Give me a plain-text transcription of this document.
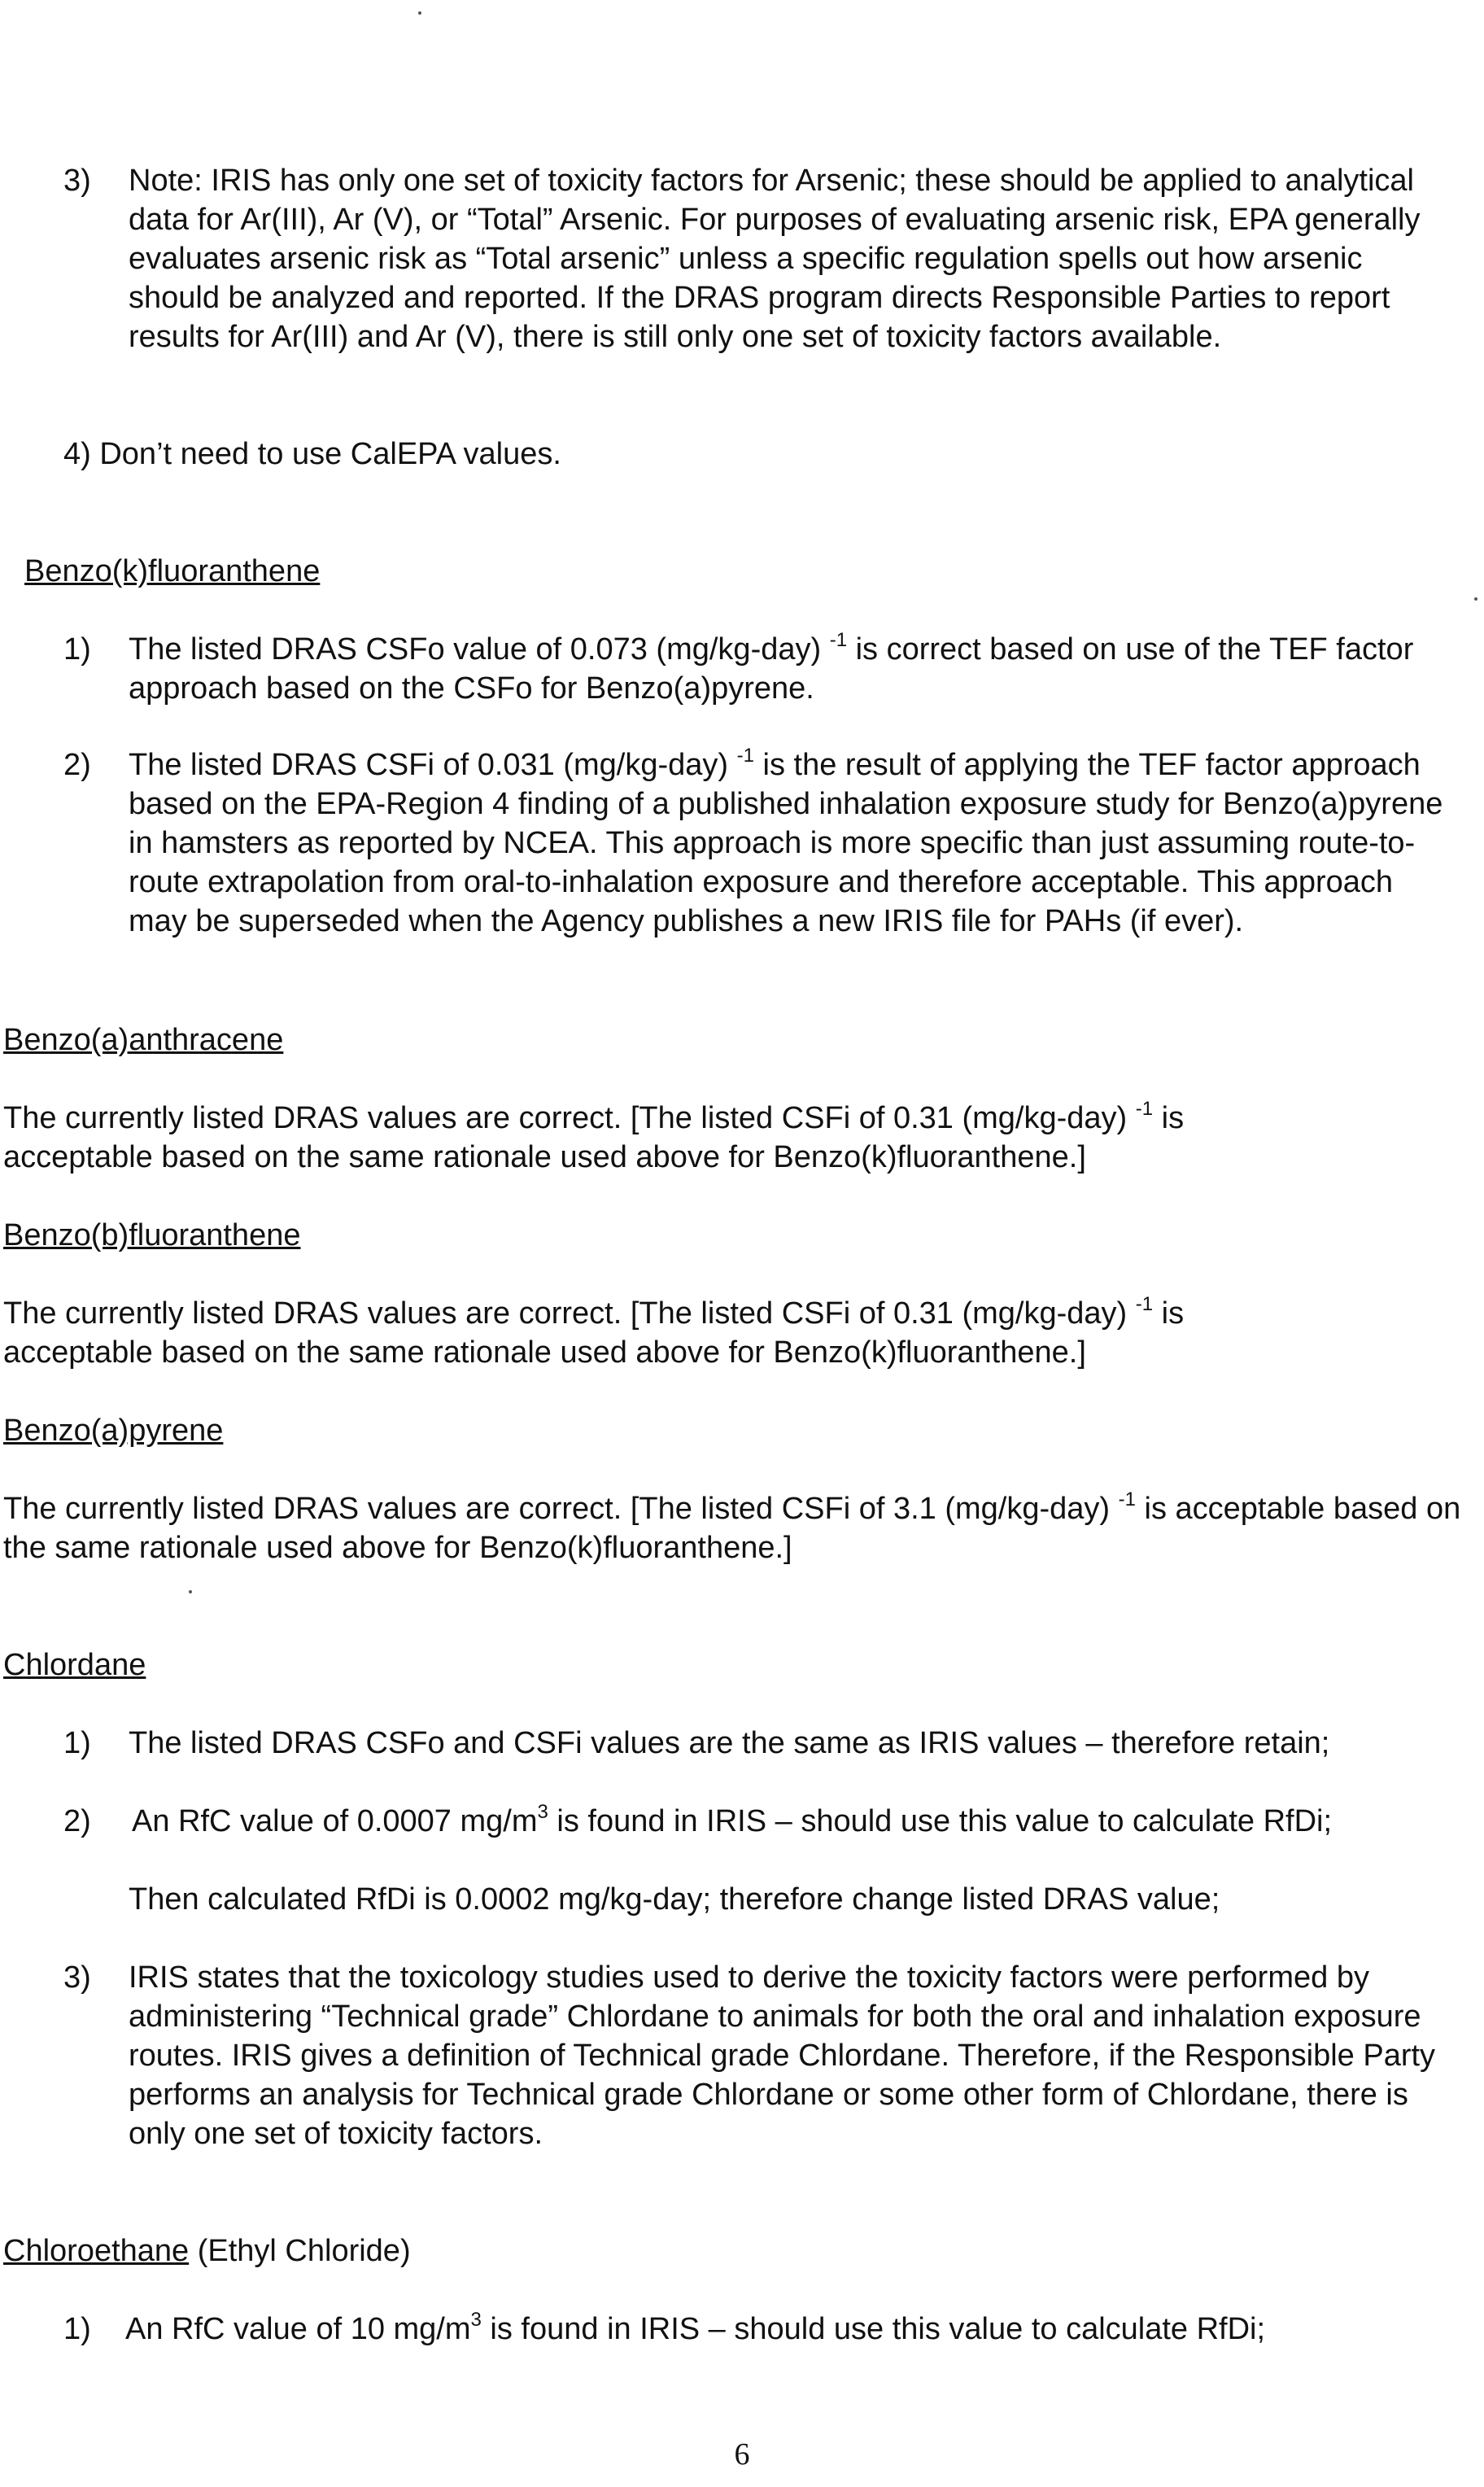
3) Note: IRIS has only one set of toxicity factors for Arsenic; these should be applied to analytical data for Ar(III), Ar (V), or “Total” Arsenic. For purposes of evaluating arsenic risk, EPA generally evaluates arsenic risk as “Total arsenic” unless a specific regulation spells out how arsenic should be analyzed and reported. If the DRAS program directs Responsible Parties to report results for Ar(III) and Ar (V), there is still only one set of toxicity factors available.
4) Don’t need to use CalEPA values.

Benzo(k)fluoranthene

1) The listed DRAS CSFo value of 0.073 (mg/kg-day) $^{-1}$ is correct based on use of the TEF factor approach based on the CSFo for Benzo(a)pyrene.
2) The listed DRAS CSFi of 0.031 (mg/kg-day) $^{-1}$ is the result of applying the TEF factor approach based on the EPA-Region 4 finding of a published inhalation exposure study for Benzo(a)pyrene in hamsters as reported by NCEA. This approach is more specific than just assuming route-to-route extrapolation from oral-to-inhalation exposure and therefore acceptable. This approach may be superseded when the Agency publishes a new IRIS file for PAHs (if ever).

Benzo(a)anthracene

The currently listed DRAS values are correct. [The listed CSFi of 0.31 (mg/kg-day) $^{-1}$ is acceptable based on the same rationale used above for Benzo(k)fluoranthene.]

Benzo(b)fluoranthene

The currently listed DRAS values are correct. [The listed CSFi of 0.31 (mg/kg-day) $^{-1}$ is acceptable based on the same rationale used above for Benzo(k)fluoranthene.]

Benzo(a)pyrene

The currently listed DRAS values are correct. [The listed CSFi of 3.1 (mg/kg-day) $^{-1}$ is acceptable based on the same rationale used above for Benzo(k)fluoranthene.]

Chlordane

1) The listed DRAS CSFo and CSFi values are the same as IRIS values – therefore retain;
2) An RfC value of 0.0007 $mg/m^3$ is found in IRIS – should use this value to calculate RfDi;
Then calculated RfDi is 0.0002 mg/kg-day; therefore change listed DRAS value;
3) IRIS states that the toxicology studies used to derive the toxicity factors were performed by administering “Technical grade” Chlordane to animals for both the oral and inhalation exposure routes. IRIS gives a definition of Technical grade Chlordane. Therefore, if the Responsible Party performs an analysis for Technical grade Chlordane or some other form of Chlordane, there is only one set of toxicity factors.

Chloroethane (Ethyl Chloride)

1) An RfC value of 10 $mg/m^3$ is found in IRIS – should use this value to calculate RfDi;
6
